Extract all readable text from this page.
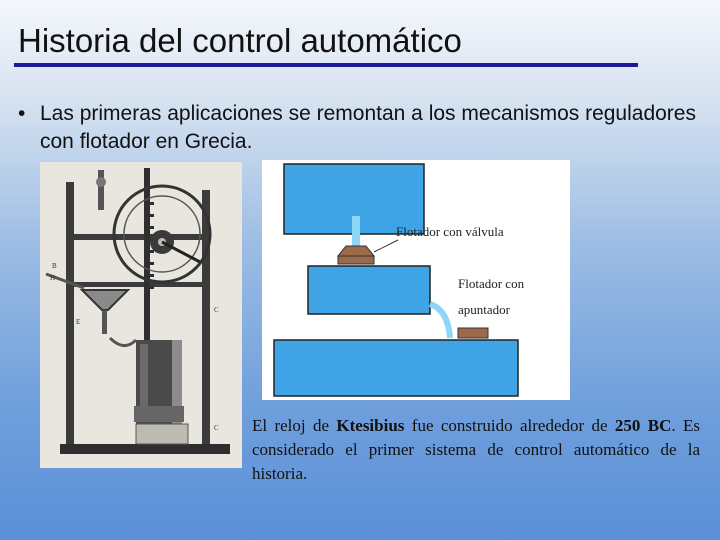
Historia del control automático
• Las primeras aplicaciones se remontan a los mecanismos reguladores con flotador en Grecia.
B
H
C
C
E
Flotador con válvula
Flotador con
apuntador
El reloj de Ktesibius fue construido alrededor de 250 BC. Es considerado el primer sistema de control automático de la historia.
